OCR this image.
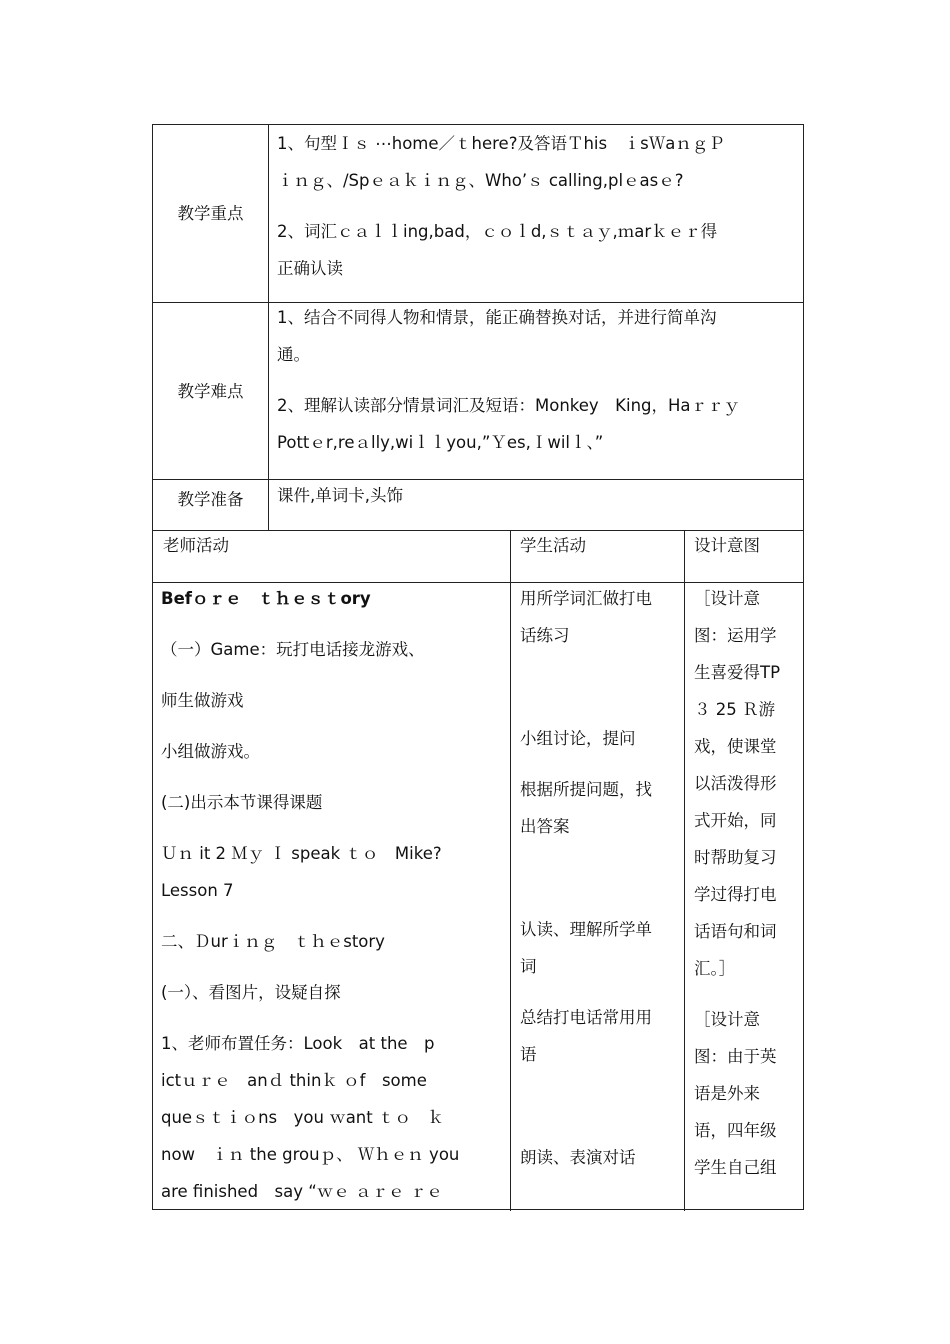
教学重点

1、句型Ｉｓ ⋯home／ｔhere?及答语Ｔhis　ｉsＷaｎｇＰ

ｉｎｇ、/Spｅａｋｉｎｇ、Who’ｓ calling,plｅasｅ?

2、词汇ｃａｌｌing,bad，ｃｏｌd,ｓｔａｙ,ｍarｋｅｒ得

正确认读

教学难点

1、结合不同得人物和情景，能正确替换对话，并进行简单沟

通。

2、理解认读部分情景词汇及短语：Monkey　King，Haｒｒｙ

Pottｅr,reａlly,wiｌｌyou,”Ｙes,Ｉwilｌ、”

教学准备 课件,单词卡,头饰

老师活动	学生活动	设计意图

Befｏｒｅ　ｔｈｅｓｔory

（一）Game：玩打电话接龙游戏、

师生做游戏

小组做游戏。

(二)出示本节课得课题

Ｕｎ it 2 Ｍｙ Ｉ speak ｔｏ　Mike?

Lesson 7

二、Ｄurｉｎｇ　ｔｈｅstory

(一）、看图片，设疑自探

1、老师布置任务：Look　at the　p

ictｕｒｅ　anｄ thinｋ ｏf　some

queｓｔｉｏns　you ｗant ｔｏ　ｋ

now　ｉｎ the grouｐ、 Ｗｈｅｎ you

are finished　say “ｗｅ ａｒｅ ｒｅ

用所学词汇做打电

话练习

小组讨论，提问

根据所提问题，找

出答案

认读、理解所学单

词

总结打电话常用用

语

朗读、表演对话

［设计意

图：运用学

生喜爱得TP

３ 25 Ｒ游

戏，使课堂

以活泼得形

式开始，同

时帮助复习

学过得打电

话语句和词

汇。］

［设计意

图：由于英

语是外来

语，四年级

学生自己组
